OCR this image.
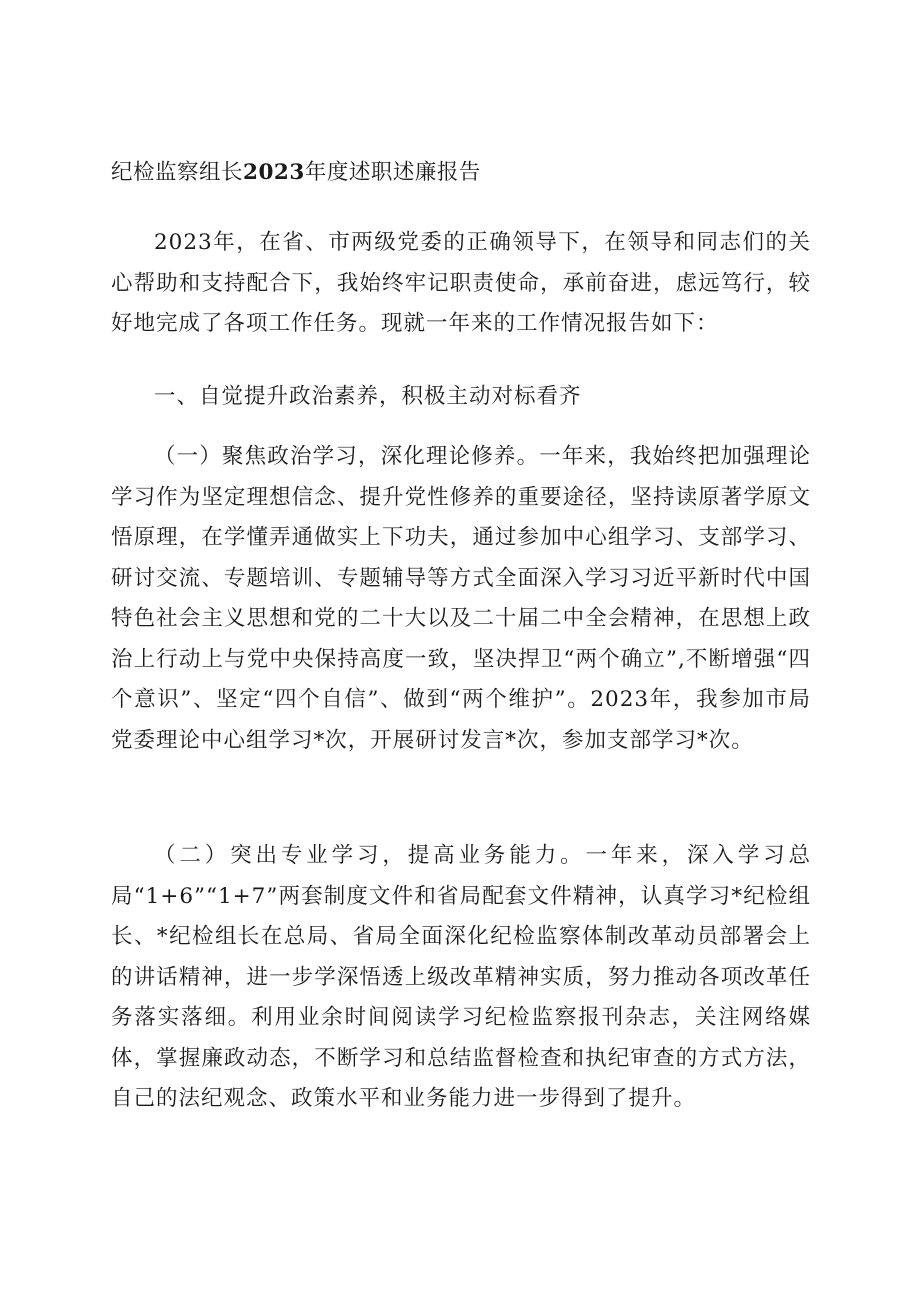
纪检监察组长2023年度述职述廉报告

2023年，在省、市两级党委的正确领导下，在领导和同志们的关心帮助和支持配合下，我始终牢记职责使命，承前奋进，虑远笃行，较好地完成了各项工作任务。现就一年来的工作情况报告如下：

一、自觉提升政治素养，积极主动对标看齐

（一）聚焦政治学习，深化理论修养。一年来，我始终把加强理论学习作为坚定理想信念、提升党性修养的重要途径，坚持读原著学原文悟原理，在学懂弄通做实上下功夫，通过参加中心组学习、支部学习、研讨交流、专题培训、专题辅导等方式全面深入学习习近平新时代中国特色社会主义思想和党的二十大以及二十届二中全会精神，在思想上政治上行动上与党中央保持高度一致，坚决捍卫“两个确立”,不断增强“四个意识”、坚定“四个自信”、做到“两个维护”。2023年，我参加市局党委理论中心组学习*次，开展研讨发言*次，参加支部学习*次。

（二）突出专业学习，提高业务能力。一年来，深入学习总局“1+6”“1+7”两套制度文件和省局配套文件精神，认真学习*纪检组长、*纪检组长在总局、省局全面深化纪检监察体制改革动员部署会上的讲话精神，进一步学深悟透上级改革精神实质，努力推动各项改革任务落实落细。利用业余时间阅读学习纪检监察报刊杂志，关注网络媒体，掌握廉政动态，不断学习和总结监督检查和执纪审查的方式方法，自己的法纪观念、政策水平和业务能力进一步得到了提升。
